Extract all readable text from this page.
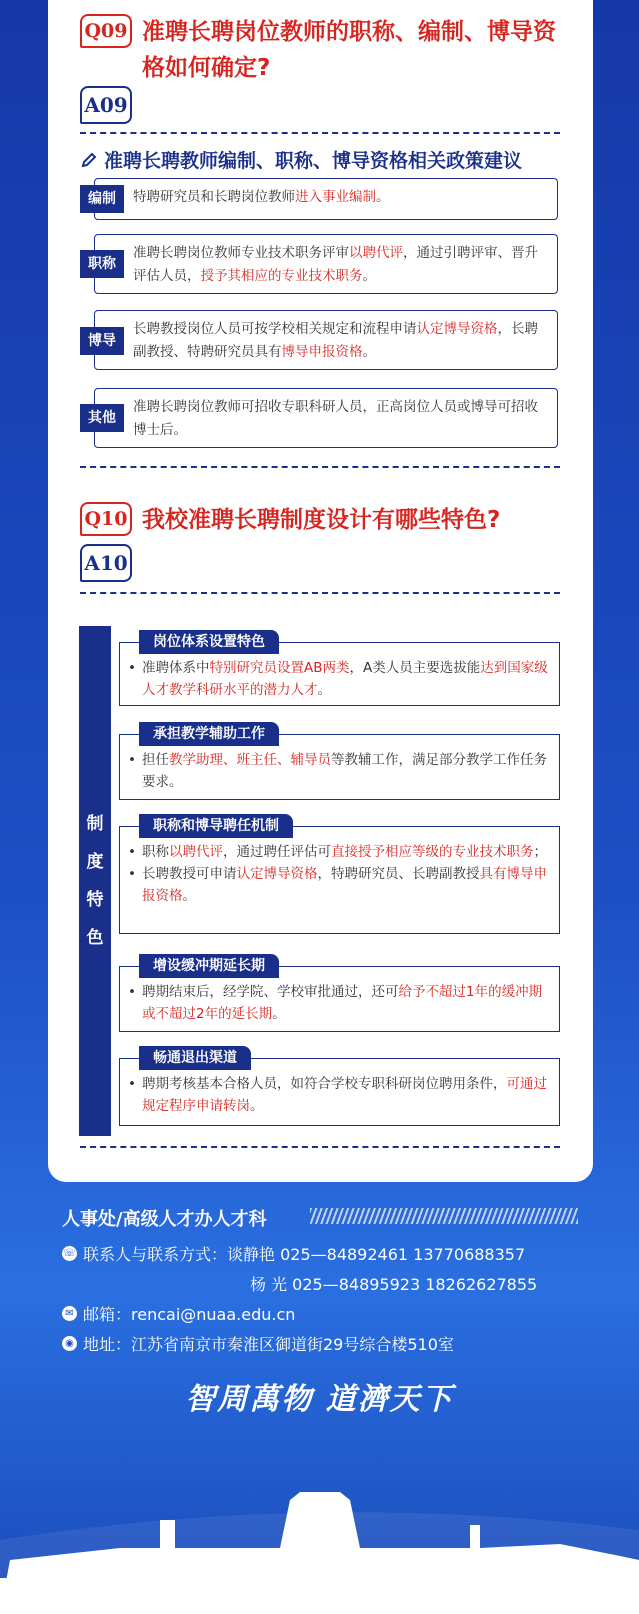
Q09 准聘长聘岗位教师的职称、编制、博导资格如何确定?
A09
准聘长聘教师编制、职称、博导资格相关政策建议
特聘研究员和长聘岗位教师进入事业编制。
编制
准聘长聘岗位教师专业技术职务评审以聘代评，通过引聘评审、晋升评估人员，授予其相应的专业技术职务。
职称
长聘教授岗位人员可按学校相关规定和流程申请认定博导资格，长聘副教授、特聘研究员具有博导申报资格。
博导
准聘长聘岗位教师可招收专职科研人员，正高岗位人员或博导可招收博士后。
其他
Q10 我校准聘长聘制度设计有哪些特色?
A10
制
度
特
色
岗位体系设置特色
• 准聘体系中特别研究员设置AB两类，A类人员主要选拔能达到国家级人才教学科研水平的潜力人才。
承担教学辅助工作
• 担任教学助理、班主任、辅导员等教辅工作，满足部分教学工作任务要求。
职称和博导聘任机制
• 职称以聘代评，通过聘任评估可直接授予相应等级的专业技术职务；
• 长聘教授可申请认定博导资格，特聘研究员、长聘副教授具有博导申报资格。
增设缓冲期延长期
• 聘期结束后，经学院、学校审批通过，还可给予不超过1年的缓冲期或不超过2年的延长期。
畅通退出渠道
• 聘期考核基本合格人员，如符合学校专职科研岗位聘用条件，可通过规定程序申请转岗。
人事处/高级人才办人才科
☏ 联系人与联系方式： 谈静艳 025—84892461 13770688357
杨 光 025—84895923 18262627855
✉ 邮箱：rencai@nuaa.edu.cn
◉ 地址：江苏省南京市秦淮区御道街29号综合楼510室
智周萬物 道濟天下
